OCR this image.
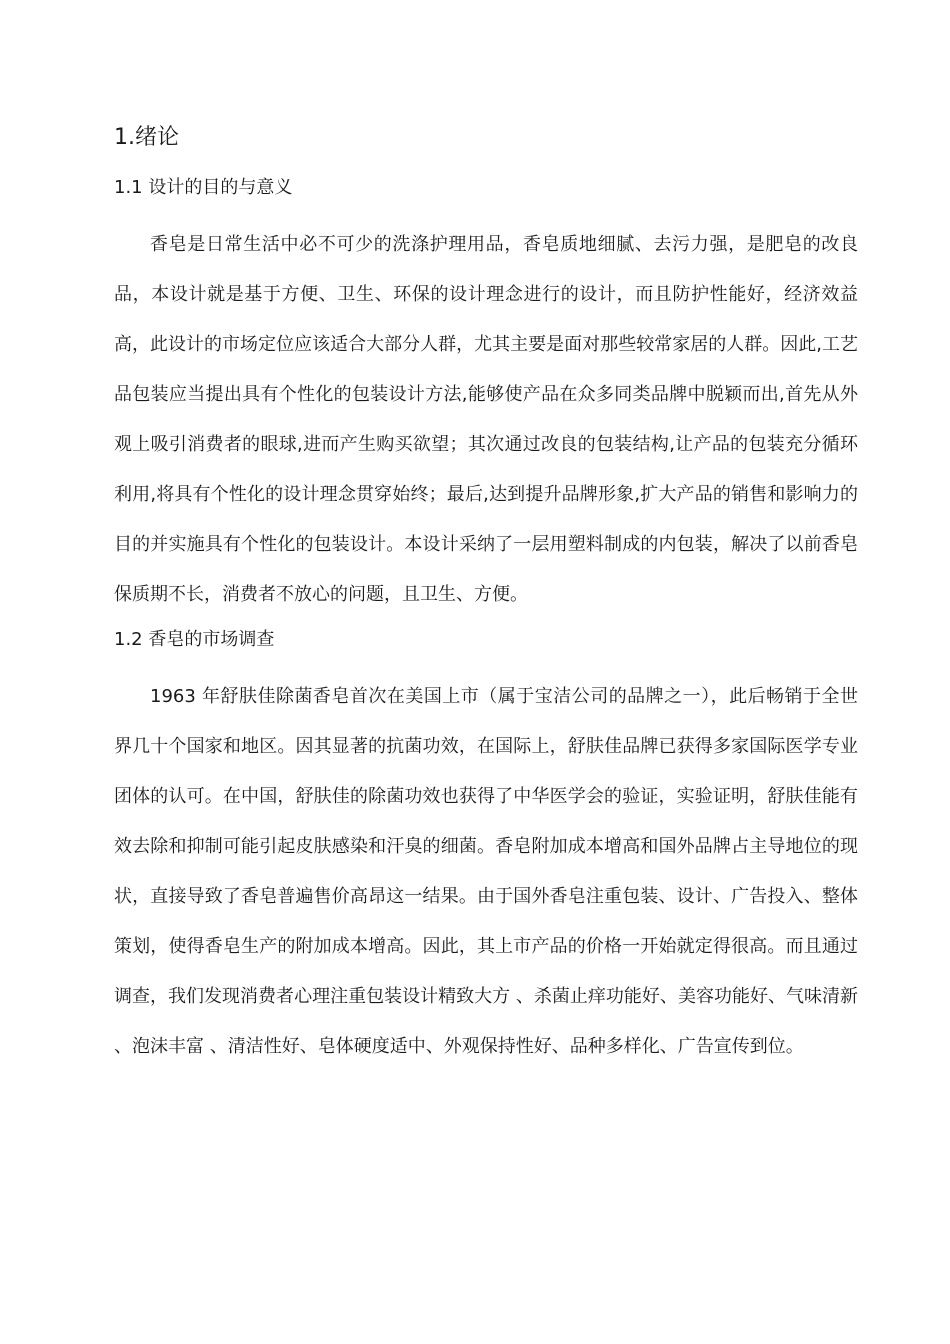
1.绪论
1.1 设计的目的与意义

香皂是日常生活中必不可少的洗涤护理用品，香皂质地细腻、去污力强，是肥皂的改良品，本设计就是基于方便、卫生、环保的设计理念进行的设计，而且防护性能好，经济效益高，此设计的市场定位应该适合大部分人群，尤其主要是面对那些较常家居的人群。因此,工艺品包装应当提出具有个性化的包装设计方法,能够使产品在众多同类品牌中脱颖而出,首先从外观上吸引消费者的眼球,进而产生购买欲望；其次通过改良的包装结构,让产品的包装充分循环利用,将具有个性化的设计理念贯穿始终；最后,达到提升品牌形象,扩大产品的销售和影响力的目的并实施具有个性化的包装设计。本设计采纳了一层用塑料制成的内包装，解决了以前香皂保质期不长，消费者不放心的问题，且卫生、方便。

1.2 香皂的市场调查

1963 年舒肤佳除菌香皂首次在美国上市（属于宝洁公司的品牌之一），此后畅销于全世界几十个国家和地区。因其显著的抗菌功效，在国际上，舒肤佳品牌已获得多家国际医学专业团体的认可。在中国，舒肤佳的除菌功效也获得了中华医学会的验证，实验证明，舒肤佳能有效去除和抑制可能引起皮肤感染和汗臭的细菌。香皂附加成本增高和国外品牌占主导地位的现状，直接导致了香皂普遍售价高昂这一结果。由于国外香皂注重包装、设计、广告投入、整体策划，使得香皂生产的附加成本增高。因此，其上市产品的价格一开始就定得很高。而且通过调查，我们发现消费者心理注重包装设计精致大方 、杀菌止痒功能好、美容功能好、气味清新 、泡沫丰富 、清洁性好、皂体硬度适中、外观保持性好、品种多样化、广告宣传到位。
